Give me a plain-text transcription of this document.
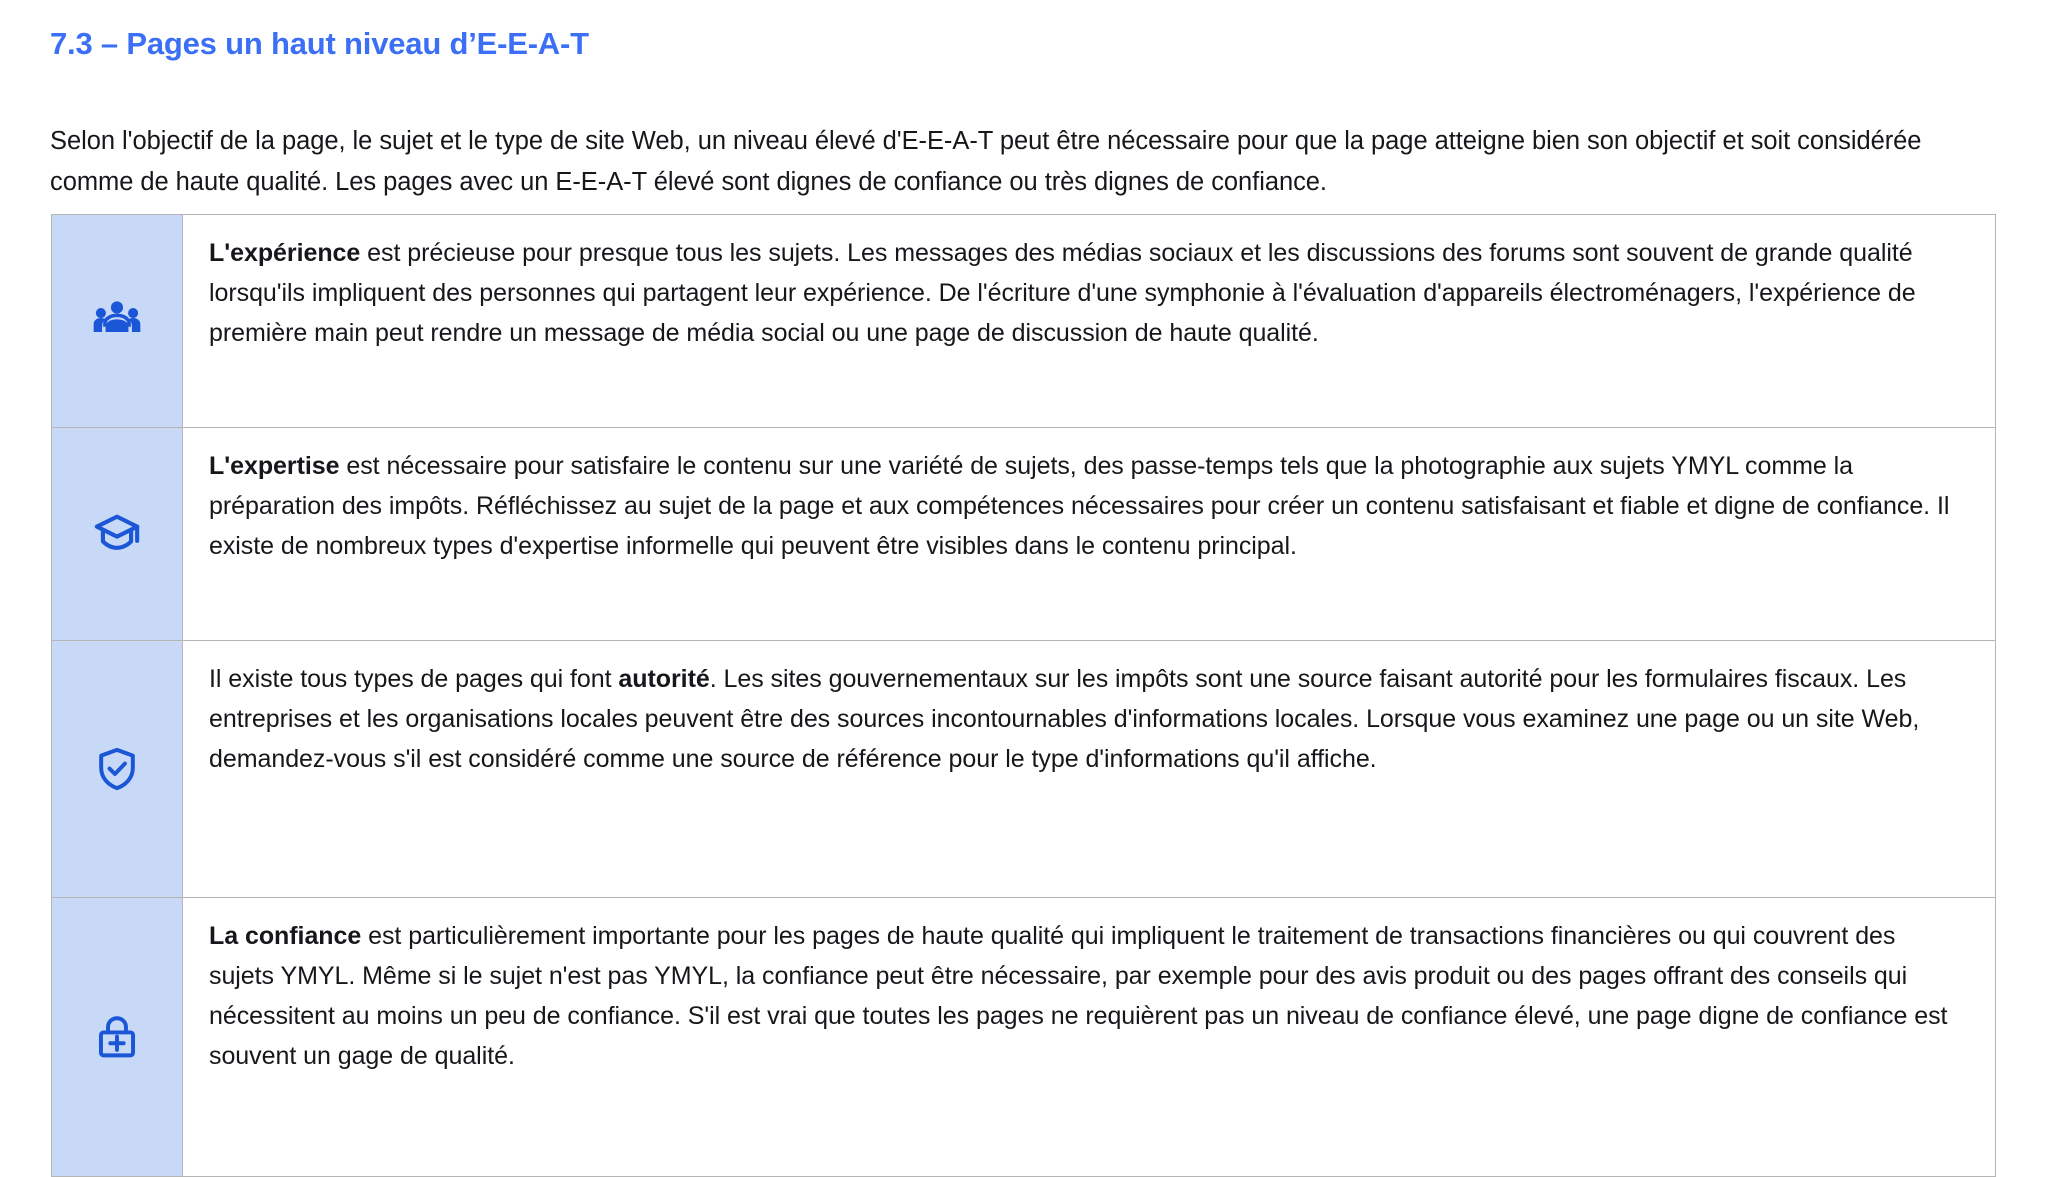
7.3 – Pages un haut niveau d’E-E-A-T

Selon l'objectif de la page, le sujet et le type de site Web, un niveau élevé d'E-E-A-T peut être nécessaire pour que la page atteigne bien son objectif et soit considérée comme de haute qualité. Les pages avec un E-E-A-T élevé sont dignes de confiance ou très dignes de confiance.

	L'expérience est précieuse pour presque tous les sujets. Les messages des médias sociaux et les discussions des forums sont souvent de grande qualité lorsqu'ils impliquent des personnes qui partagent leur expérience. De l'écriture d'une symphonie à l'évaluation d'appareils électroménagers, l'expérience de première main peut rendre un message de média social ou une page de discussion de haute qualité.

	L'expertise est nécessaire pour satisfaire le contenu sur une variété de sujets, des passe-temps tels que la photographie aux sujets YMYL comme la préparation des impôts. Réfléchissez au sujet de la page et aux compétences nécessaires pour créer un contenu satisfaisant et fiable et digne de confiance. Il existe de nombreux types d'expertise informelle qui peuvent être visibles dans le contenu principal.

	Il existe tous types de pages qui font autorité. Les sites gouvernementaux sur les impôts sont une source faisant autorité pour les formulaires fiscaux. Les entreprises et les organisations locales peuvent être des sources incontournables d'informations locales. Lorsque vous examinez une page ou un site Web, demandez-vous s'il est considéré comme une source de référence pour le type d'informations qu'il affiche.

	La confiance est particulièrement importante pour les pages de haute qualité qui impliquent le traitement de transactions financières ou qui couvrent des sujets YMYL. Même si le sujet n'est pas YMYL, la confiance peut être nécessaire, par exemple pour des avis produit ou des pages offrant des conseils qui nécessitent au moins un peu de confiance. S'il est vrai que toutes les pages ne requièrent pas un niveau de confiance élevé, une page digne de confiance est souvent un gage de qualité.
